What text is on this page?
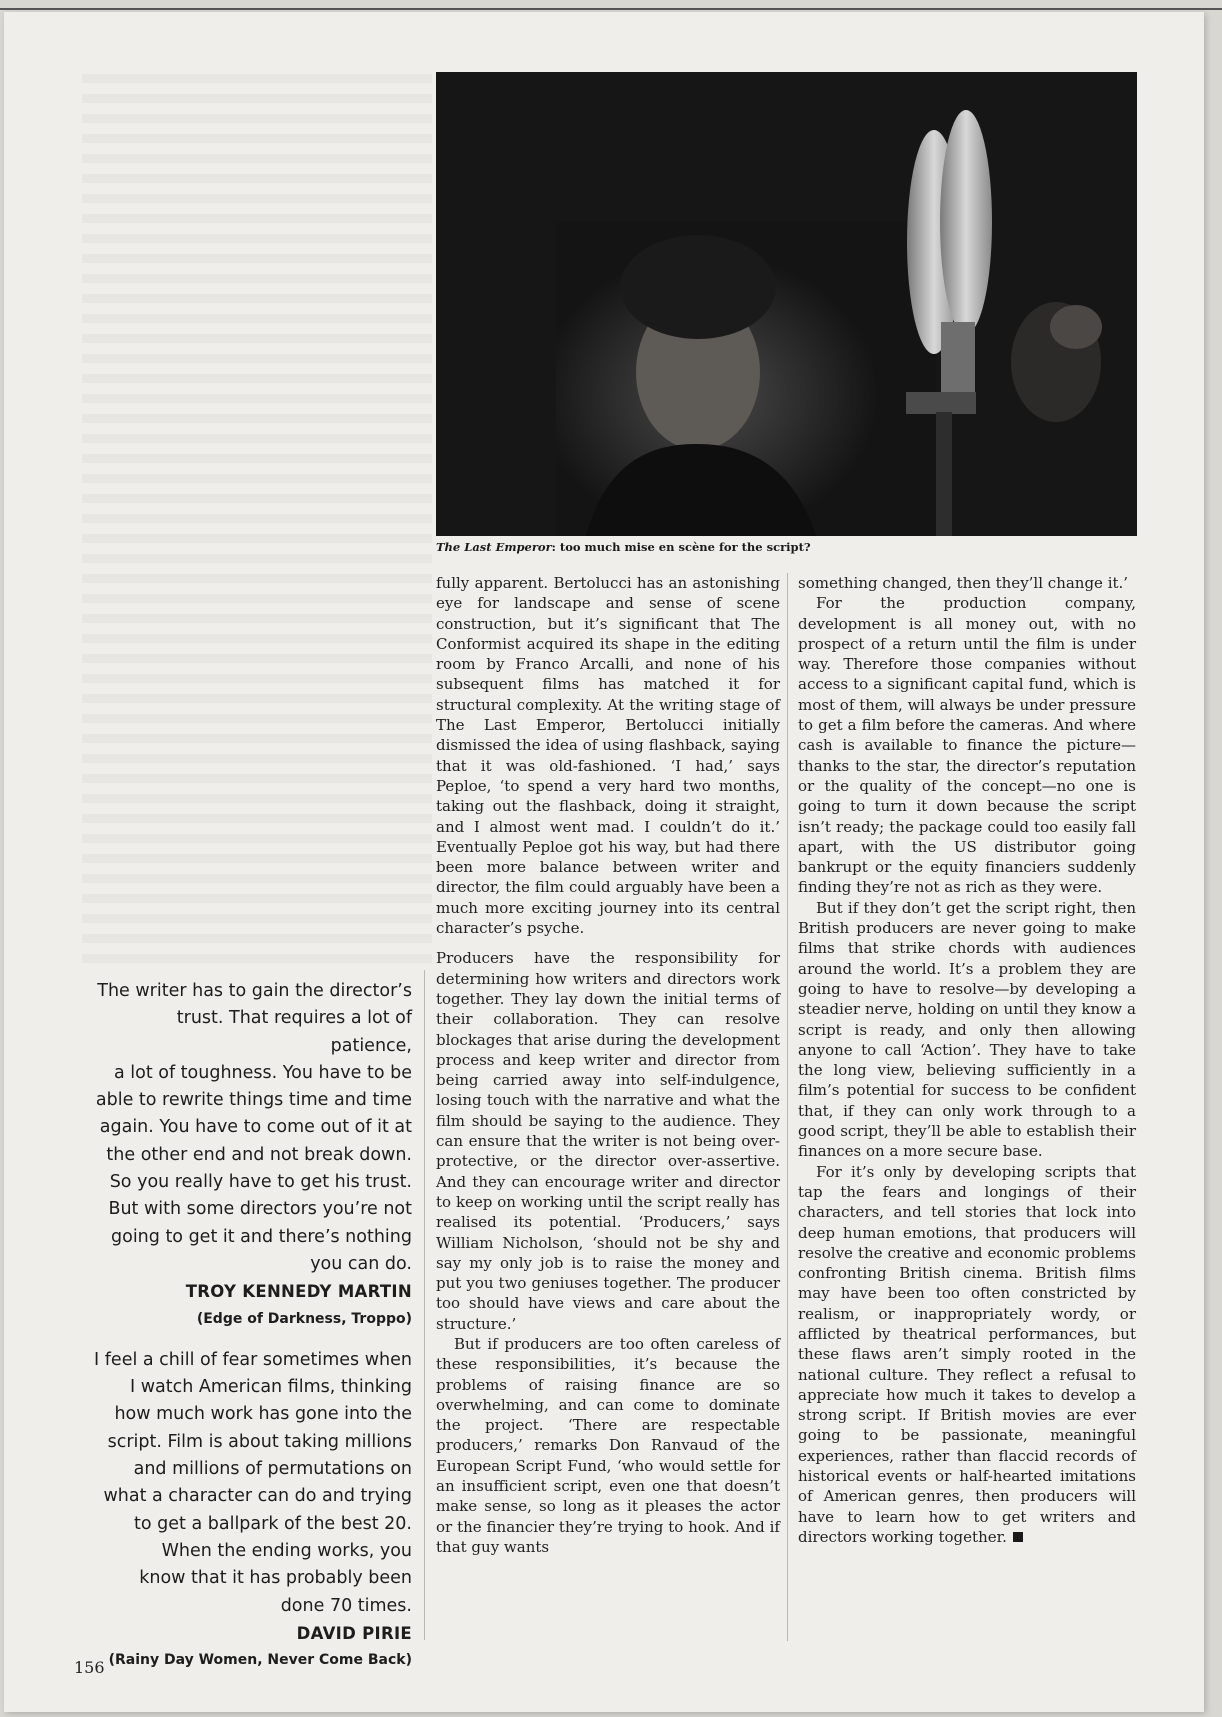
The Last Emperor: too much mise en scène for the script?

The writer has to gain the director’s

trust. That requires a lot of patience,

a lot of toughness. You have to be

able to rewrite things time and time

again. You have to come out of it at

the other end and not break down.

So you really have to get his trust.

But with some directors you’re not

going to get it and there’s nothing

you can do.

TROY KENNEDY MARTIN

(Edge of Darkness, Troppo)

I feel a chill of fear sometimes when

I watch American films, thinking

how much work has gone into the

script. Film is about taking millions

and millions of permutations on

what a character can do and trying

to get a ballpark of the best 20.

When the ending works, you

know that it has probably been

done 70 times.

DAVID PIRIE

(Rainy Day Women, Never Come Back)

fully apparent. Bertolucci has an astonishing eye for landscape and sense of scene construction, but it’s significant that The Conformist acquired its shape in the editing room by Franco Arcalli, and none of his subsequent films has matched it for structural complexity. At the writing stage of The Last Emperor, Bertolucci initially dismissed the idea of using flashback, saying that it was old-fashioned. ‘I had,’ says Peploe, ‘to spend a very hard two months, taking out the flashback, doing it straight, and I almost went mad. I couldn’t do it.’ Eventually Peploe got his way, but had there been more balance between writer and director, the film could arguably have been a much more exciting journey into its central character’s psyche.

Producers have the responsibility for determining how writers and directors work together. They lay down the initial terms of their collaboration. They can resolve blockages that arise during the development process and keep writer and director from being carried away into self-indulgence, losing touch with the narrative and what the film should be saying to the audience. They can ensure that the writer is not being over-protective, or the director over-assertive. And they can encourage writer and director to keep on working until the script really has realised its potential. ‘Producers,’ says William Nicholson, ‘should not be shy and say my only job is to raise the money and put you two geniuses together. The producer too should have views and care about the structure.’

But if producers are too often careless of these responsibilities, it’s because the problems of raising finance are so overwhelming, and can come to dominate the project. ‘There are respectable producers,’ remarks Don Ranvaud of the European Script Fund, ‘who would settle for an insufficient script, even one that doesn’t make sense, so long as it pleases the actor or the financier they’re trying to hook. And if that guy wants

something changed, then they’ll change it.’

For the production company, development is all money out, with no prospect of a return until the film is under way. Therefore those companies without access to a significant capital fund, which is most of them, will always be under pressure to get a film before the cameras. And where cash is available to finance the picture—thanks to the star, the director’s reputation or the quality of the concept—no one is going to turn it down because the script isn’t ready; the package could too easily fall apart, with the US distributor going bankrupt or the equity financiers suddenly finding they’re not as rich as they were.

But if they don’t get the script right, then British producers are never going to make films that strike chords with audiences around the world. It’s a problem they are going to have to resolve—by developing a steadier nerve, holding on until they know a script is ready, and only then allowing anyone to call ‘Action’. They have to take the long view, believing sufficiently in a film’s potential for success to be confident that, if they can only work through to a good script, they’ll be able to establish their finances on a more secure base.

For it’s only by developing scripts that tap the fears and longings of their characters, and tell stories that lock into deep human emotions, that producers will resolve the creative and economic problems confronting British cinema. British films may have been too often constricted by realism, or inappropriately wordy, or afflicted by theatrical performances, but these flaws aren’t simply rooted in the national culture. They reflect a refusal to appreciate how much it takes to develop a strong script. If British movies are ever going to be passionate, meaningful experiences, rather than flaccid records of historical events or half-hearted imitations of American genres, then producers will have to learn how to get writers and directors working together.

156
